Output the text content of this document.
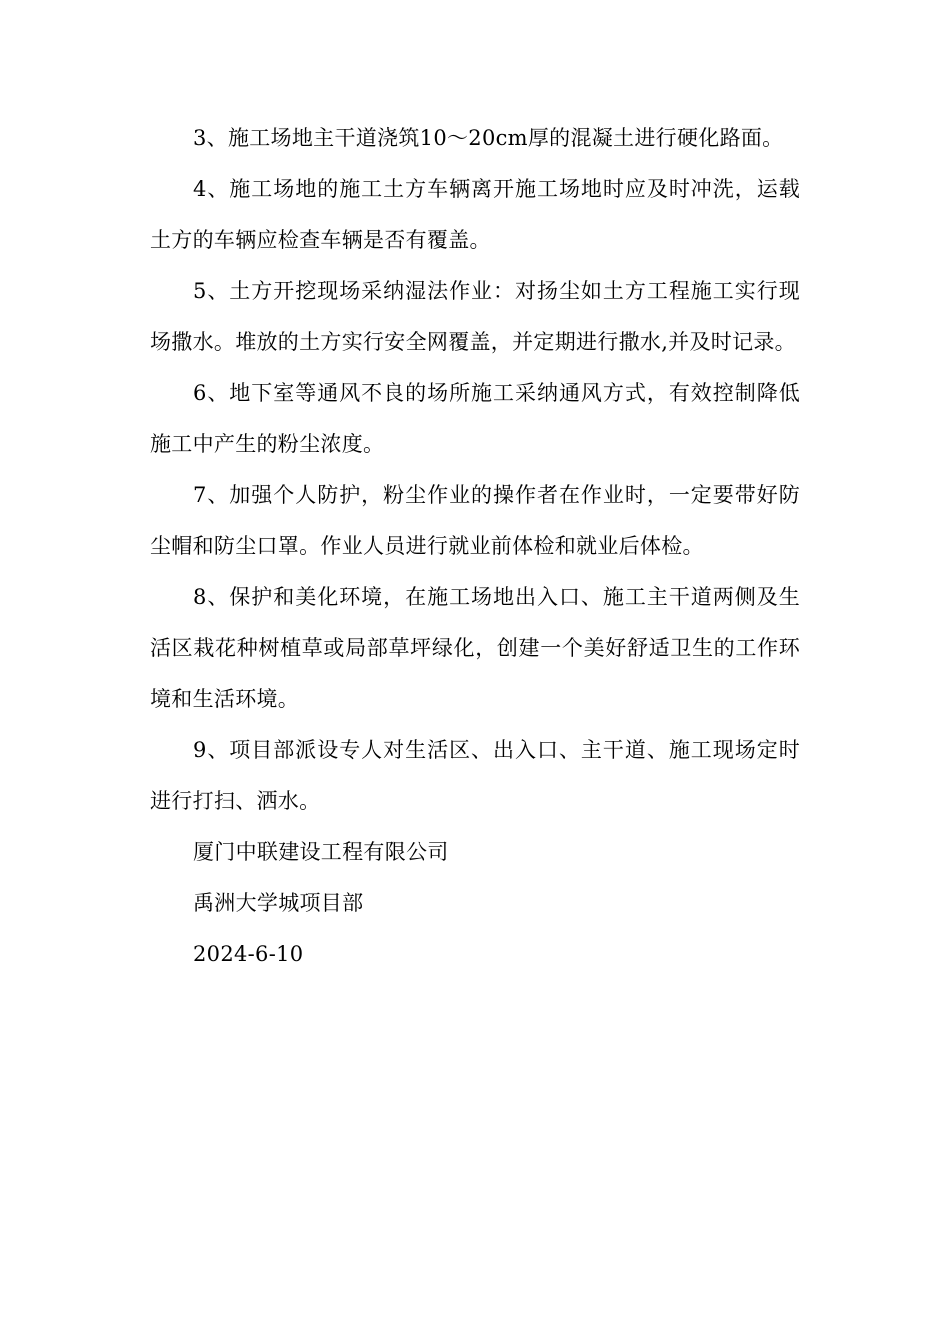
3、施工场地主干道浇筑10～20cm厚的混凝土进行硬化路面。

4、施工场地的施工土方车辆离开施工场地时应及时冲洗，运载土方的车辆应检查车辆是否有覆盖。

5、土方开挖现场采纳湿法作业：对扬尘如土方工程施工实行现场撒水。堆放的土方实行安全网覆盖，并定期进行撒水,并及时记录。

6、地下室等通风不良的场所施工采纳通风方式，有效控制降低施工中产生的粉尘浓度。

7、加强个人防护，粉尘作业的操作者在作业时，一定要带好防尘帽和防尘口罩。作业人员进行就业前体检和就业后体检。

8、保护和美化环境，在施工场地出入口、施工主干道两侧及生活区栽花种树植草或局部草坪绿化，创建一个美好舒适卫生的工作环境和生活环境。

9、项目部派设专人对生活区、出入口、主干道、施工现场定时进行打扫、洒水。

厦门中联建设工程有限公司

禹洲大学城项目部

2024-6-10
